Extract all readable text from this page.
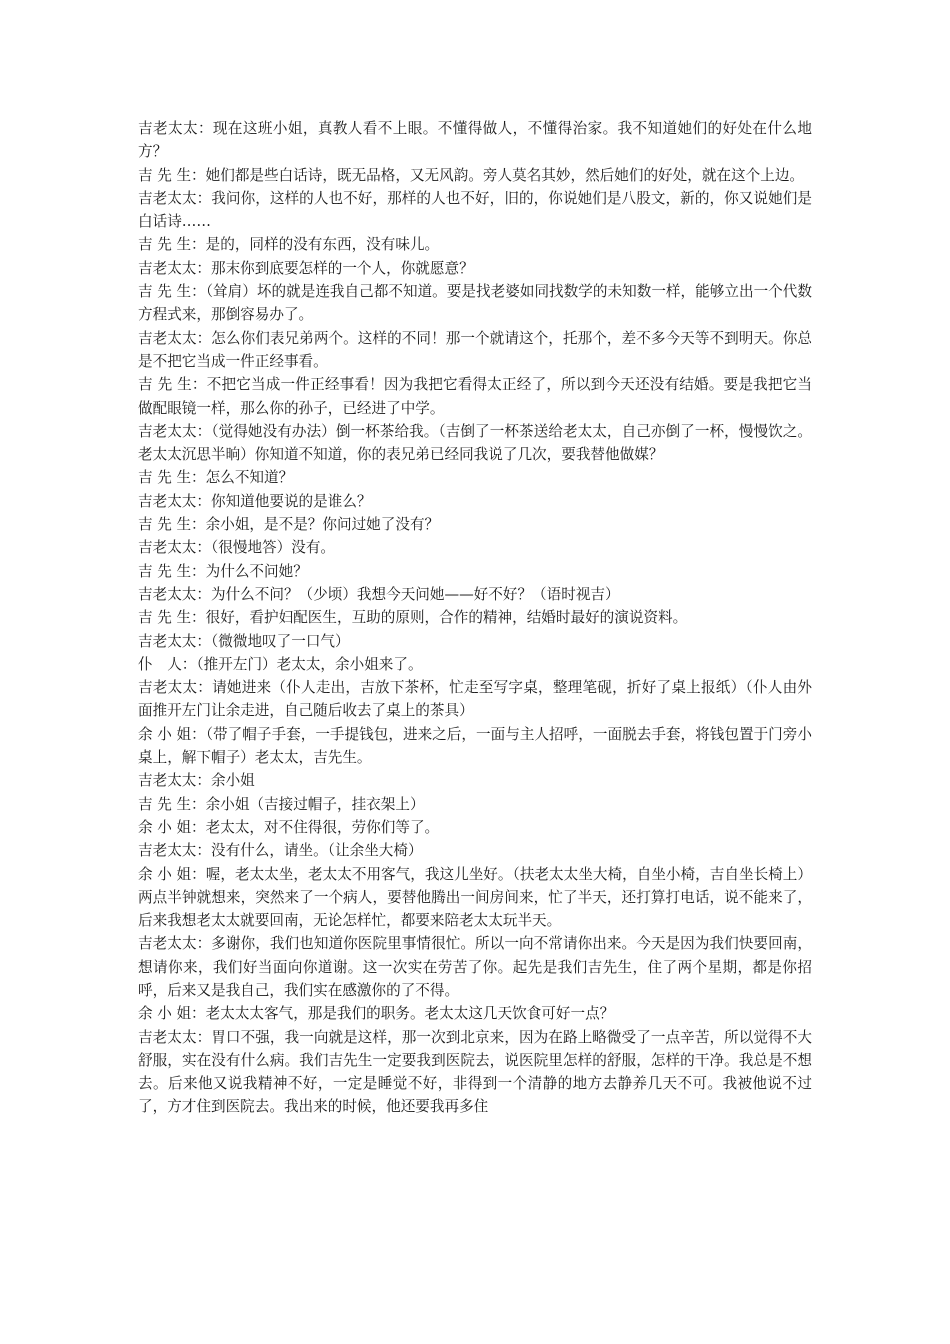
吉老太太：现在这班小姐，真教人看不上眼。不懂得做人，不懂得治家。我不知道她们的好处在什么地方？

吉 先 生：她们都是些白话诗，既无品格，又无风韵。旁人莫名其妙，然后她们的好处，就在这个上边。

吉老太太：我问你，这样的人也不好，那样的人也不好，旧的，你说她们是八股文，新的，你又说她们是白话诗……

吉 先 生：是的，同样的没有东西，没有味儿。

吉老太太：那末你到底要怎样的一个人，你就愿意？

吉 先 生：（耸肩）坏的就是连我自己都不知道。要是找老婆如同找数学的未知数一样，能够立出一个代数方程式来，那倒容易办了。

吉老太太：怎么你们表兄弟两个。这样的不同！那一个就请这个，托那个，差不多今天等不到明天。你总是不把它当成一件正经事看。

吉 先 生：不把它当成一件正经事看！因为我把它看得太正经了，所以到今天还没有结婚。要是我把它当做配眼镜一样，那么你的孙子，已经进了中学。

吉老太太：（觉得她没有办法）倒一杯茶给我。（吉倒了一杯茶送给老太太，自己亦倒了一杯，慢慢饮之。老太太沉思半晌）你知道不知道，你的表兄弟已经同我说了几次，要我替他做媒？

吉 先 生：怎么不知道？

吉老太太：你知道他要说的是谁么？

吉 先 生：余小姐，是不是？你问过她了没有？

吉老太太：（很慢地答）没有。

吉 先 生：为什么不问她？

吉老太太：为什么不问？（少顷）我想今天问她——好不好？（语时视吉）

吉 先 生：很好，看护妇配医生，互助的原则，合作的精神，结婚时最好的演说资料。

吉老太太：（微微地叹了一口气）

仆　人：（推开左门）老太太，余小姐来了。

吉老太太：请她进来（仆人走出，吉放下茶杯，忙走至写字桌，整理笔砚，折好了桌上报纸）（仆人由外面推开左门让余走进，自己随后收去了桌上的茶具）

余 小 姐：（带了帽子手套，一手提钱包，进来之后，一面与主人招呼，一面脱去手套，将钱包置于门旁小桌上，解下帽子）老太太，吉先生。

吉老太太：余小姐

吉 先 生：余小姐（吉接过帽子，挂衣架上）

余 小 姐：老太太，对不住得很，劳你们等了。

吉老太太：没有什么，请坐。（让余坐大椅）

余 小 姐：喔，老太太坐，老太太不用客气，我这儿坐好。（扶老太太坐大椅，自坐小椅，吉自坐长椅上）两点半钟就想来，突然来了一个病人，要替他腾出一间房间来，忙了半天，还打算打电话，说不能来了，后来我想老太太就要回南，无论怎样忙，都要来陪老太太玩半天。

吉老太太：多谢你，我们也知道你医院里事情很忙。所以一向不常请你出来。今天是因为我们快要回南，想请你来，我们好当面向你道谢。这一次实在劳苦了你。起先是我们吉先生，住了两个星期，都是你招呼，后来又是我自己，我们实在感激你的了不得。

余 小 姐：老太太太客气，那是我们的职务。老太太这几天饮食可好一点？

吉老太太：胃口不强，我一向就是这样，那一次到北京来，因为在路上略微受了一点辛苦，所以觉得不大舒服，实在没有什么病。我们吉先生一定要我到医院去，说医院里怎样的舒服，怎样的干净。我总是不想去。后来他又说我精神不好，一定是睡觉不好，非得到一个清静的地方去静养几天不可。我被他说不过了，方才住到医院去。我出来的时候，他还要我再多住
